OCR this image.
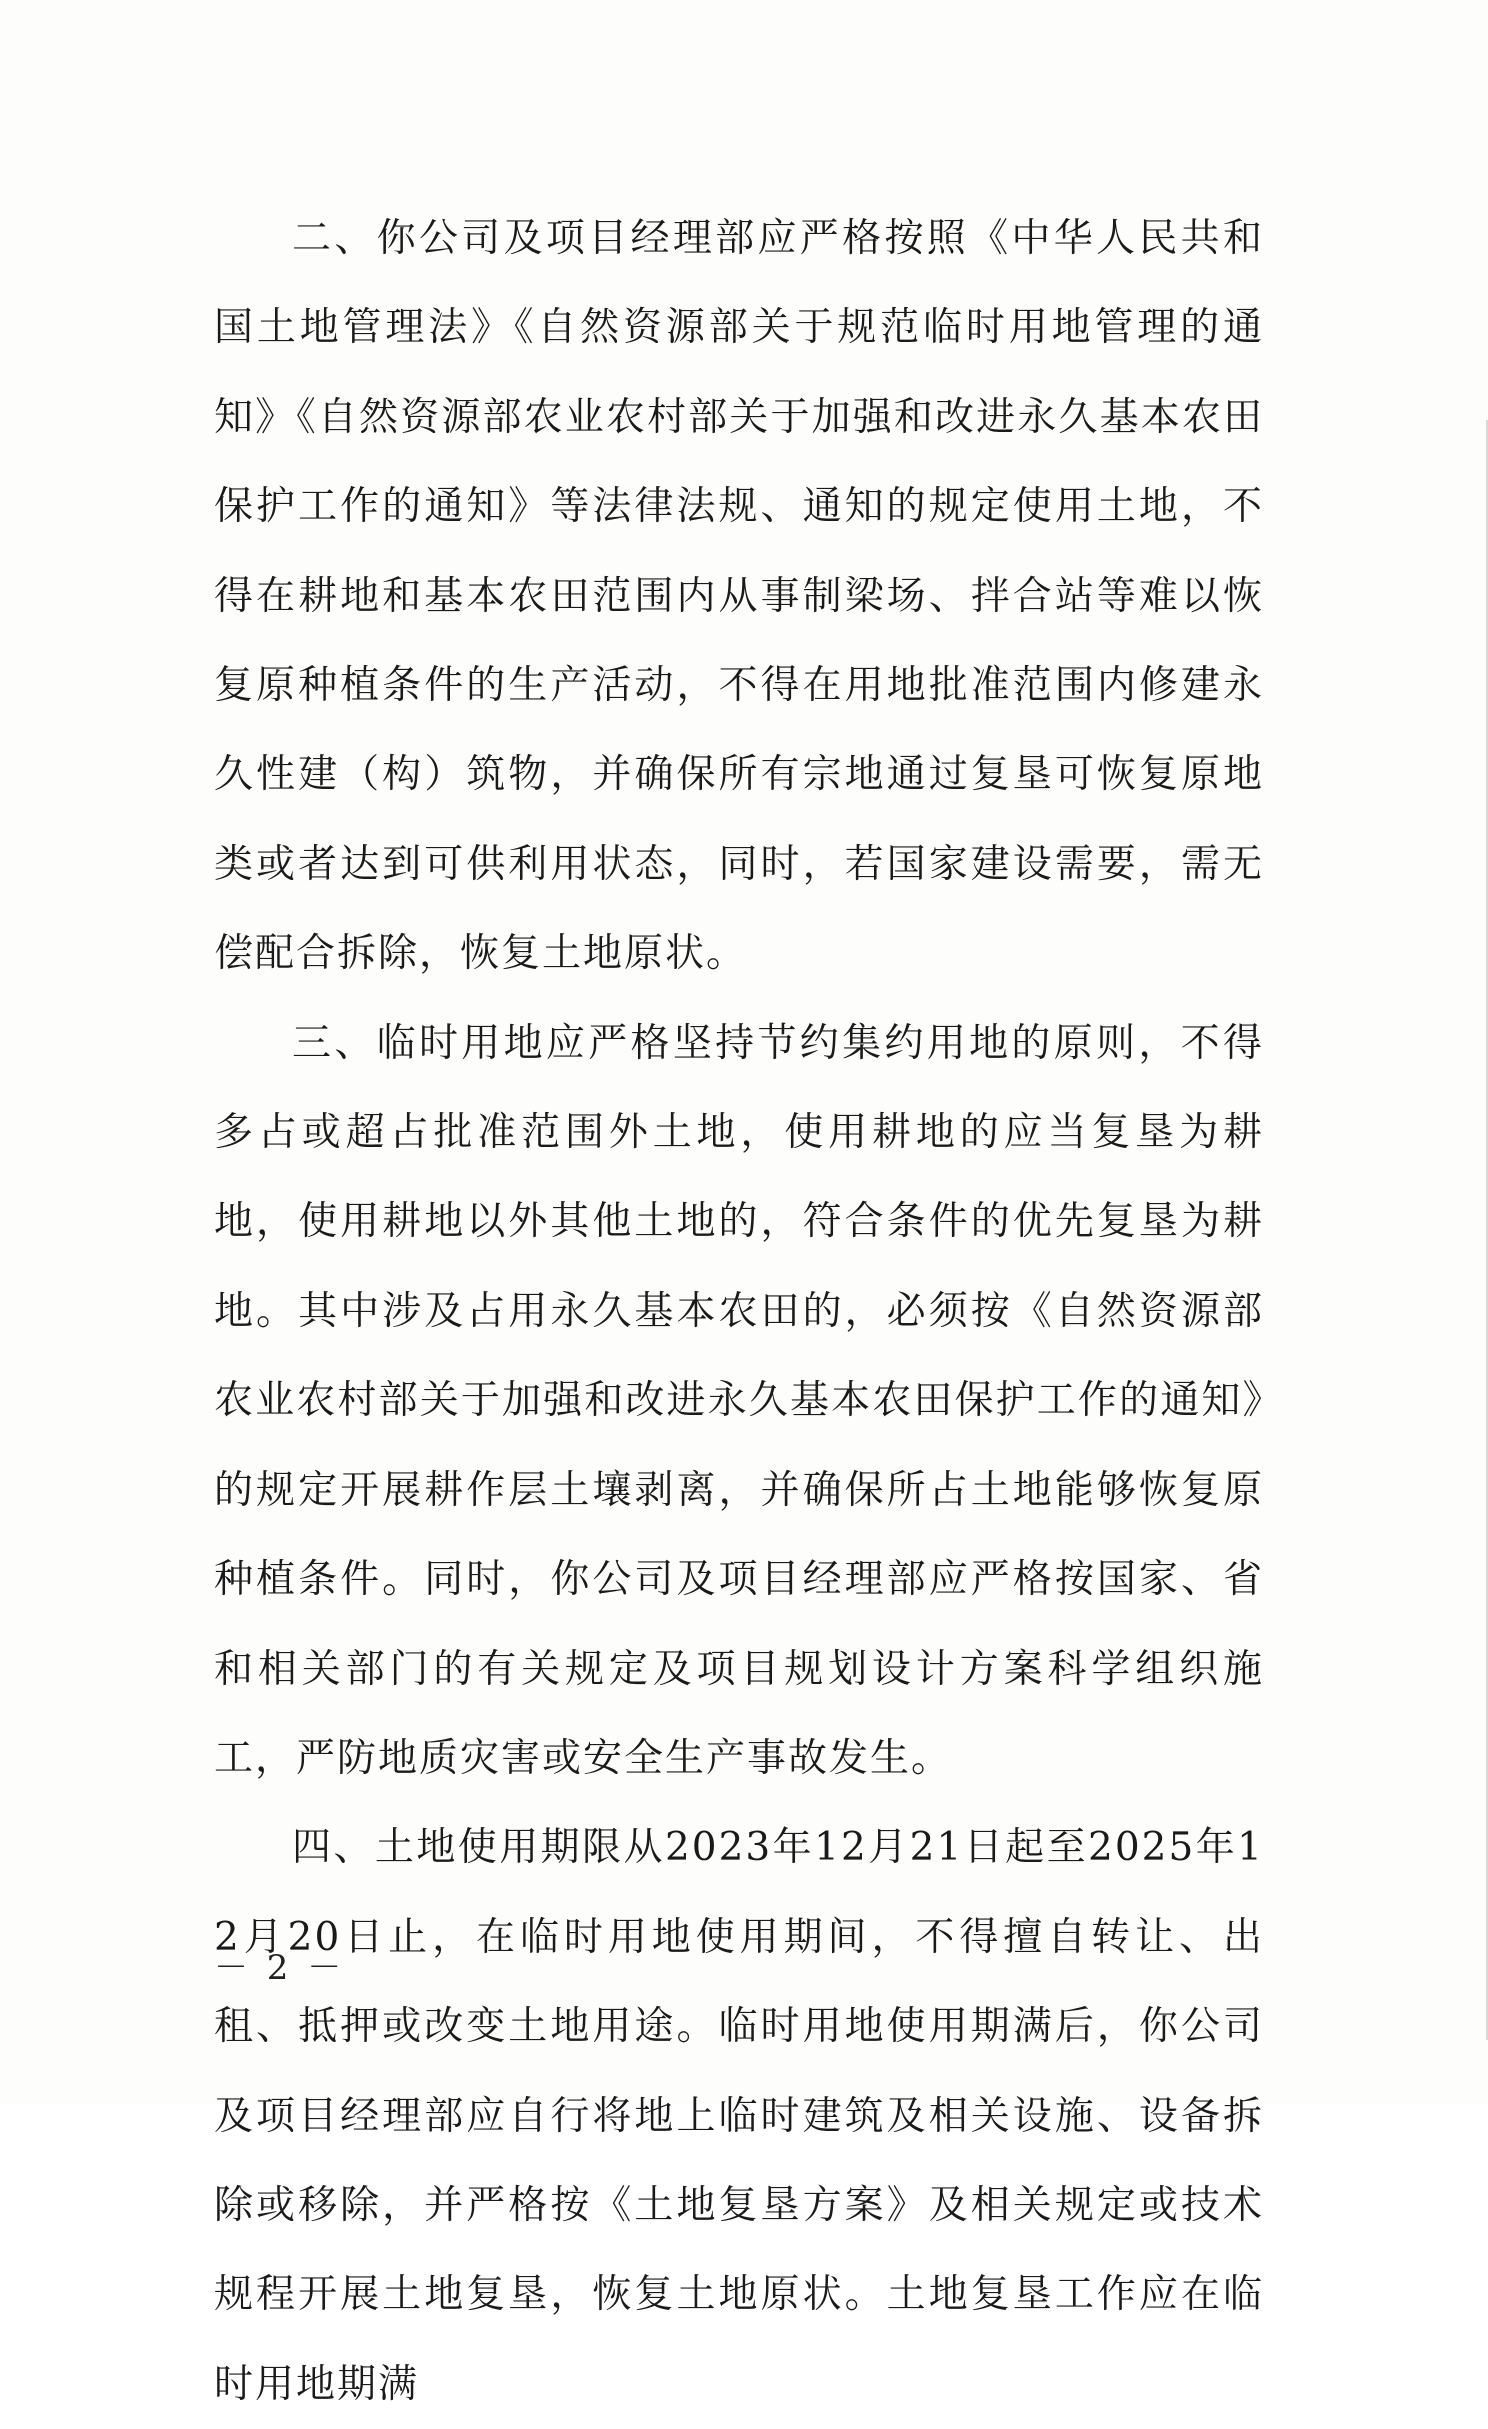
二、你公司及项目经理部应严格按照《中华人民共和国土地管理法》《自然资源部关于规范临时用地管理的通知》《自然资源部农业农村部关于加强和改进永久基本农田保护工作的通知》等法律法规、通知的规定使用土地，不得在耕地和基本农田范围内从事制梁场、拌合站等难以恢复原种植条件的生产活动，不得在用地批准范围内修建永久性建（构）筑物，并确保所有宗地通过复垦可恢复原地类或者达到可供利用状态，同时，若国家建设需要，需无偿配合拆除，恢复土地原状。

三、临时用地应严格坚持节约集约用地的原则，不得多占或超占批准范围外土地，使用耕地的应当复垦为耕地，使用耕地以外其他土地的，符合条件的优先复垦为耕地。其中涉及占用永久基本农田的，必须按《自然资源部农业农村部关于加强和改进永久基本农田保护工作的通知》的规定开展耕作层土壤剥离，并确保所占土地能够恢复原种植条件。同时，你公司及项目经理部应严格按国家、省和相关部门的有关规定及项目规划设计方案科学组织施工，严防地质灾害或安全生产事故发生。

四、土地使用期限从2023年12月21日起至2025年12月20日止，在临时用地使用期间，不得擅自转让、出租、抵押或改变土地用途。临时用地使用期满后，你公司及项目经理部应自行将地上临时建筑及相关设施、设备拆除或移除，并严格按《土地复垦方案》及相关规定或技术规程开展土地复垦，恢复土地原状。土地复垦工作应在临时用地期满

－ 2 －
